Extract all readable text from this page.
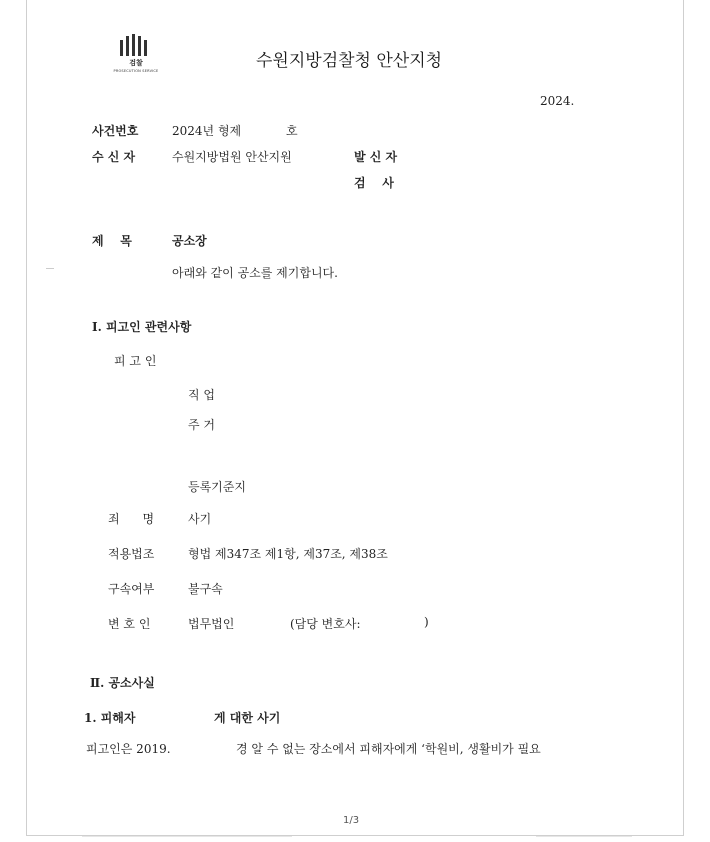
검찰
PROSECUTION SERVICE	수원지방검찰청 안산지청
2024.
사건번호	2024년 형제	호
수 신 자	수원지방법원 안산지원	발 신 자
검    사
제    목	공소장
아래와 같이 공소를 제기합니다.
Ⅰ. 피고인 관련사항
피 고 인
직 업
주 거
등록기준지
죄      명	사기
적용법조	형법 제347조 제1항, 제37조, 제38조
구속여부	불구속
변 호 인	법무법인	(담당 변호사:	)
Ⅱ. 공소사실
1. 피해자	게 대한 사기
피고인은 2019.	경 알 수 없는 장소에서 피해자에게 ‘학원비, 생활비가 필요
1/3
